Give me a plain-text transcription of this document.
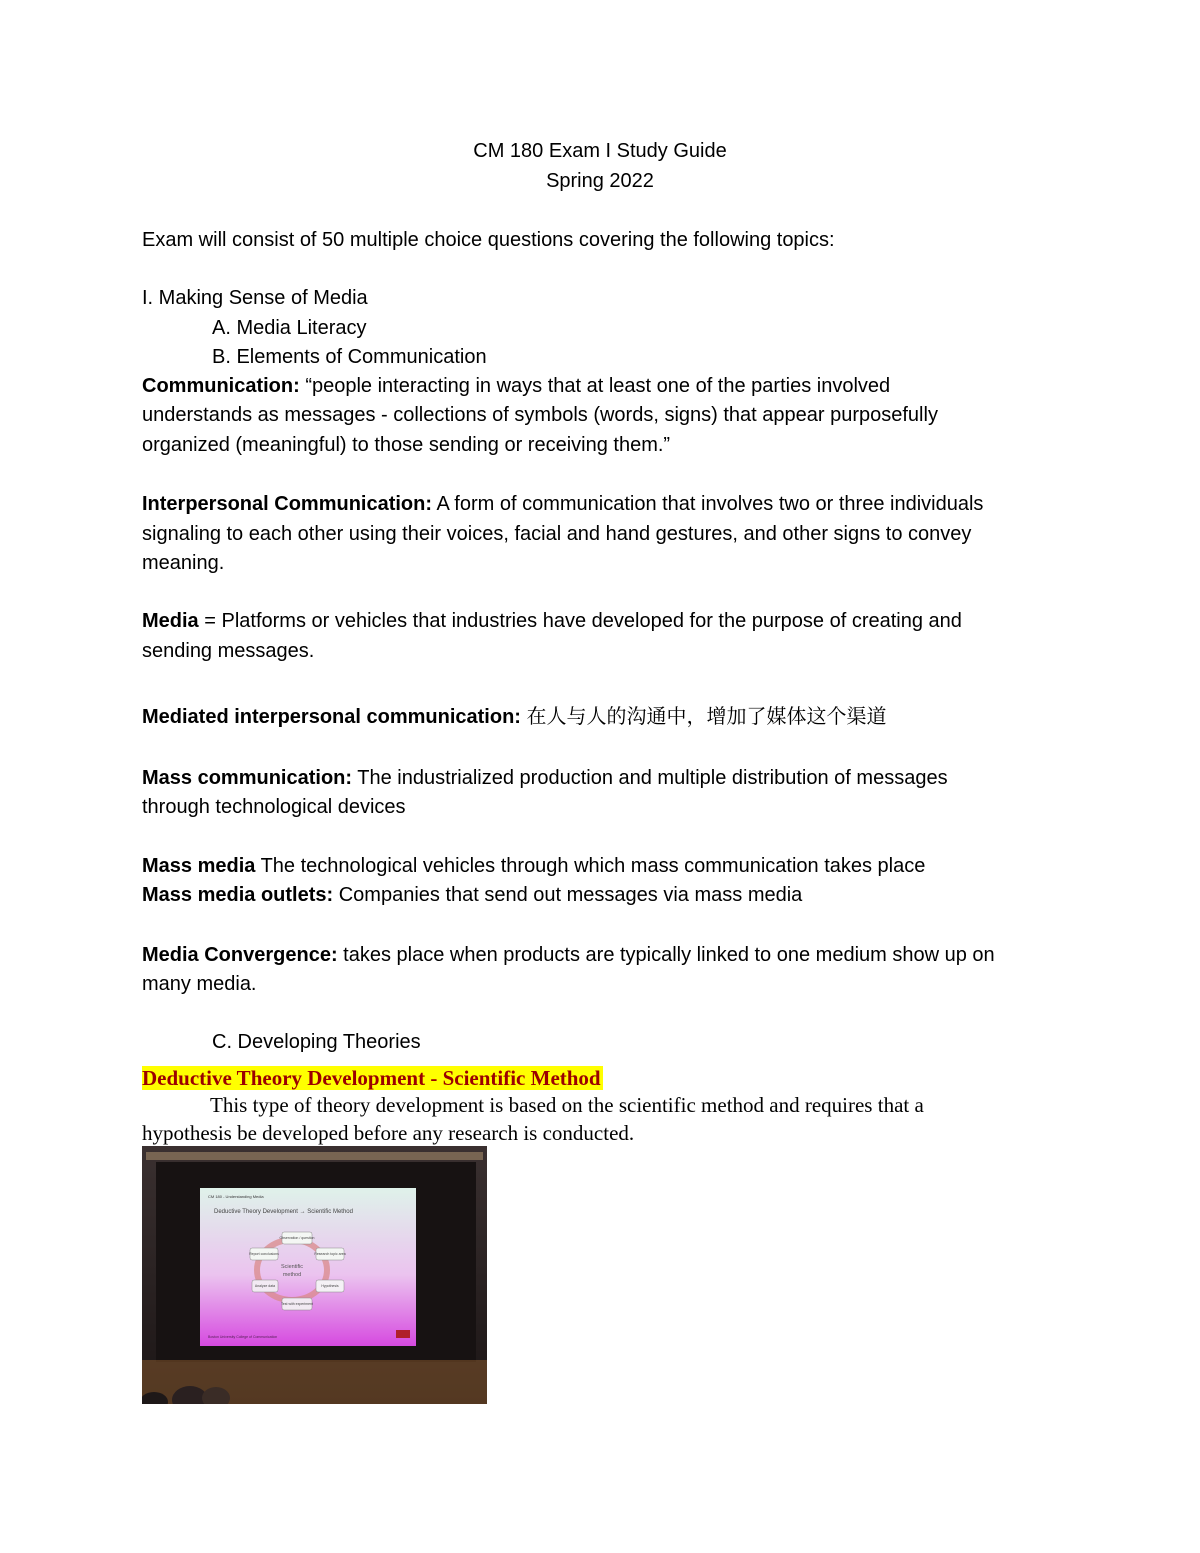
CM 180 Exam I Study Guide
Spring 2022
Exam will consist of 50 multiple choice questions covering the following topics:
I. Making Sense of Media
A. Media Literacy
B. Elements of Communication
Communication: “people interacting in ways that at least one of the parties involved
understands as messages - collections of symbols (words, signs) that appear purposefully
organized (meaningful) to those sending or receiving them.”
Interpersonal Communication: A form of communication that involves two or three individuals
signaling to each other using their voices, facial and hand gestures, and other signs to convey
meaning.
Media = Platforms or vehicles that industries have developed for the purpose of creating and
sending messages.
Mediated interpersonal communication: 在人与人的沟通中，增加了媒体这个渠道
Mass communication: The industrialized production and multiple distribution of messages
through technological devices
Mass media The technological vehicles through which mass communication takes place
Mass media outlets: Companies that send out messages via mass media
Media Convergence: takes place when products are typically linked to one medium show up on
many media.
C. Developing Theories
Deductive Theory Development - Scientific Method
This type of theory development is based on the scientific method and requires that a
hypothesis be developed before any research is conducted.
CM 180 - Understanding Media
Deductive Theory Development → Scientific Method
Scientific
method
Observation / question
Research topic area
Hypothesis
Test with experiment
Analyze data
Report conclusions
Boston University College of Communication
